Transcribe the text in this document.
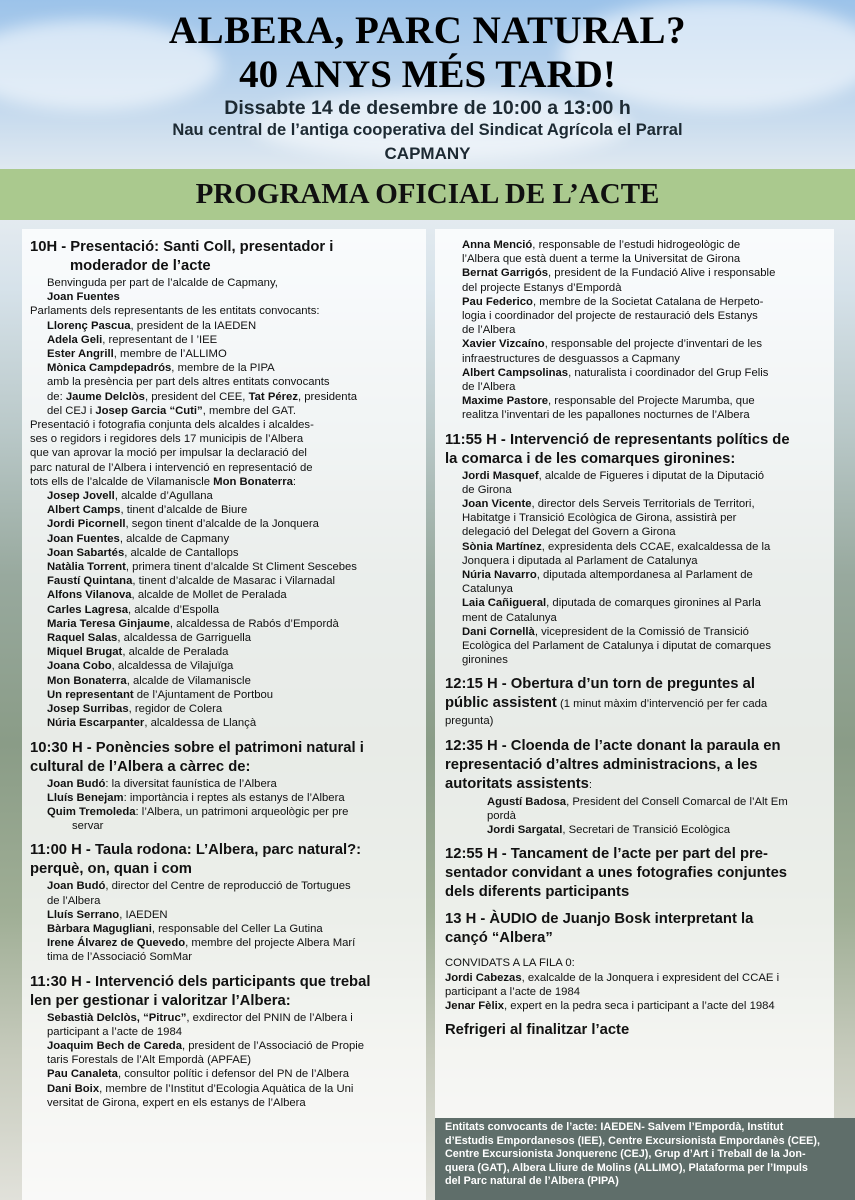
ALBERA, PARC NATURAL?
40 ANYS MÉS TARD!
Dissabte 14 de desembre de 10:00 a 13:00 h
Nau central de l’antiga cooperativa del Sindicat Agrícola el Parral
CAPMANY
PROGRAMA OFICIAL DE L’ACTE
10H - Presentació: Santi Coll, presentador i
moderador de l’acte
Benvinguda per part de l’alcalde de Capmany,
Joan Fuentes
Parlaments dels representants de les entitats convocants:
Llorenç Pascua, president de la IAEDEN
Adela Geli, representant de l ’IEE
Ester Angrill, membre de l’ALLIMO
Mònica Campdepadrós, membre de la PIPA
amb la presència per part dels altres entitats convocants
de: Jaume Delclòs, president del CEE, Tat Pérez, presidenta
del CEJ i Josep Garcia “Cuti”, membre del GAT.
Presentació i fotografia conjunta dels alcaldes i alcaldes-
ses o regidors i regidores dels 17 municipis de l’Albera
que van aprovar la moció per impulsar la declaració del
parc natural de l’Albera i intervenció en representació de
tots ells de l’alcalde de Vilamaniscle Mon Bonaterra:
Josep Jovell, alcalde d’Agullana
Albert Camps, tinent d’alcalde de Biure
Jordi Picornell, segon tinent d’alcalde de la Jonquera
Joan Fuentes, alcalde de Capmany
Joan Sabartés, alcalde de Cantallops
Natàlia Torrent, primera tinent d’alcalde St Climent Sescebes
Faustí Quintana, tinent d’alcalde de Masarac i Vilarnadal
Alfons Vilanova, alcalde de Mollet de Peralada
Carles Lagresa, alcalde d’Espolla
Maria Teresa Ginjaume, alcaldessa de Rabós d’Empordà
Raquel Salas, alcaldessa de Garriguella
Miquel Brugat, alcalde de Peralada
Joana Cobo, alcaldessa de Vilajuïga
Mon Bonaterra, alcalde de Vilamaniscle
Un representant de l’Ajuntament de Portbou
Josep Surribas, regidor de Colera
Núria Escarpanter, alcaldessa de Llançà
10:30 H - Ponències sobre el patrimoni natural i
cultural de l’Albera a càrrec de:
Joan Budó: la diversitat faunística de l’Albera
Lluís Benejam: importància i reptes als estanys de l’Albera
Quim Tremoleda: l’Albera, un patrimoni arqueològic per pre
servar
11:00 H - Taula rodona: L’Albera, parc natural?:
perquè, on, quan i com
Joan Budó, director del Centre de reproducció de Tortugues
de l’Albera
Lluís Serrano, IAEDEN
Bàrbara Magugliani, responsable del Celler La Gutina
Irene Álvarez de Quevedo, membre del projecte Albera Marí
tima de l’Associació SomMar
11:30 H - Intervenció dels participants que trebal
len per gestionar i valoritzar l’Albera:
Sebastià Delclòs, “Pitruc”, exdirector del PNIN de l’Albera i
participant a l’acte de 1984
Joaquim Bech de Careda, president de l’Associació de Propie
taris Forestals de l’Alt Empordà (APFAE)
Pau Canaleta, consultor polític i defensor del PN de l’Albera
Dani Boix, membre de l’Institut d’Ecologia Aquàtica de la Uni
versitat de Girona, expert en els estanys de l’Albera
Anna Menció, responsable de l’estudi hidrogeològic de
l’Albera que està duent a terme la Universitat de Girona
Bernat Garrigós, president de la Fundació Alive i responsable
del projecte Estanys d’Empordà
Pau Federico, membre de la Societat Catalana de Herpeto-
logia i coordinador del projecte de restauració dels Estanys
de l’Albera
Xavier Vizcaíno, responsable del projecte d’inventari de les
infraestructures de desguassos a Capmany
Albert Campsolinas, naturalista i coordinador del Grup Felis
de l’Albera
Maxime Pastore, responsable del Projecte Marumba, que
realitza l’inventari de les papallones nocturnes de l’Albera
11:55 H - Intervenció de representants polítics de
la comarca i de les comarques gironines:
Jordi Masquef, alcalde de Figueres i diputat de la Diputació
de Girona
Joan Vicente, director dels Serveis Territorials de Territori,
Habitatge i Transició Ecològica de Girona, assistirà per
delegació del Delegat del Govern a Girona
Sònia Martínez, expresidenta dels CCAE, exalcaldessa de la
Jonquera i diputada al Parlament de Catalunya
Núria Navarro, diputada altempordanesa al Parlament de
Catalunya
Laia Cañigueral, diputada de comarques gironines al Parla
ment de Catalunya
Dani Cornellà, vicepresident de la Comissió de Transició
Ecològica del Parlament de Catalunya i diputat de comarques
gironines
12:15 H - Obertura d’un torn de preguntes al
públic assistent (1 minut màxim d’intervenció per fer cada
pregunta)
12:35 H - Cloenda de l’acte donant la paraula en
representació d’altres administracions, a les
autoritats assistents:
Agustí Badosa, President del Consell Comarcal de l’Alt Em
pordà
Jordi Sargatal, Secretari de Transició Ecològica
12:55 H - Tancament de l’acte per part del pre-
sentador convidant a unes fotografies conjuntes
dels diferents participants
13 H - ÀUDIO de Juanjo Bosk interpretant la
cançó “Albera”
CONVIDATS A LA FILA 0:
Jordi Cabezas, exalcalde de la Jonquera i expresident del CCAE i
participant a l’acte de 1984
Jenar Fèlix, expert en la pedra seca i participant a l’acte del 1984
Refrigeri al finalitzar l’acte
Entitats convocants de l’acte: IAEDEN- Salvem l’Empordà, Institut
d’Estudis Empordanesos (IEE), Centre Excursionista Empordanès (CEE),
Centre Excursionista Jonquerenc (CEJ), Grup d’Art i Treball de la Jon-
quera (GAT), Albera Lliure de Molins (ALLIMO), Plataforma per l’Impuls
del Parc natural de l’Albera (PIPA)
